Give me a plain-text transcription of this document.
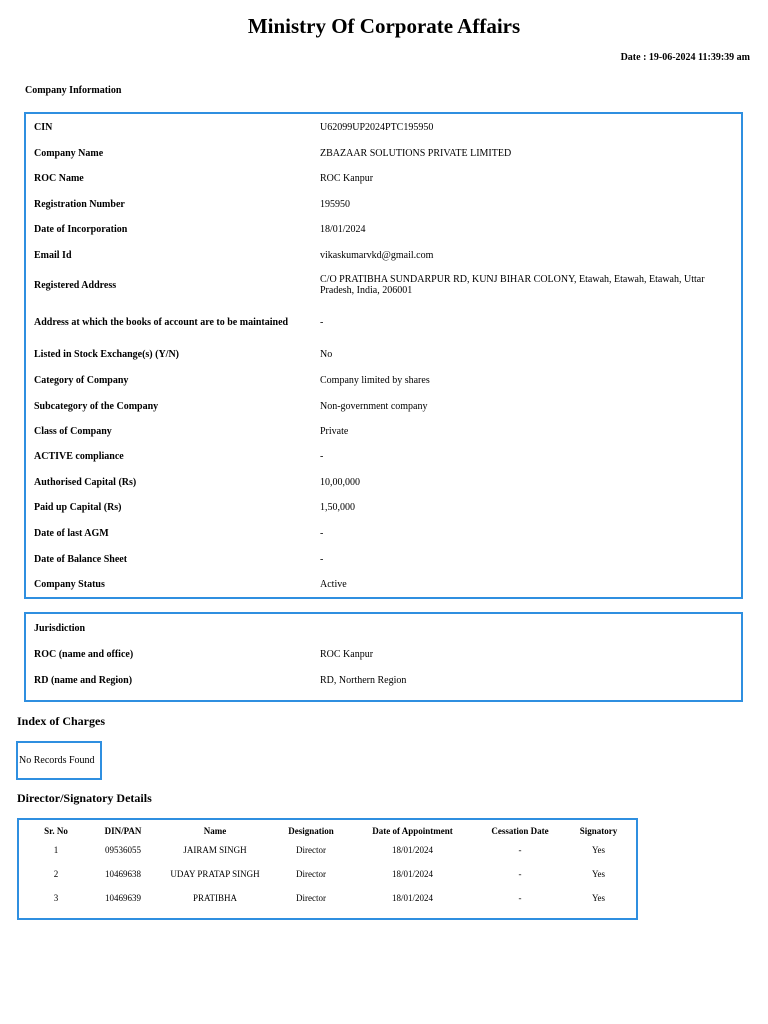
Ministry Of Corporate Affairs
Date : 19-06-2024 11:39:39 am
Company Information
CIN	U62099UP2024PTC195950
Company Name	ZBAZAAR SOLUTIONS PRIVATE LIMITED
ROC Name	ROC Kanpur
Registration Number	195950
Date of Incorporation	18/01/2024
Email Id	vikaskumarvkd@gmail.com
Registered Address	C/O PRATIBHA SUNDARPUR RD, KUNJ BIHAR COLONY, Etawah, Etawah, Etawah, Uttar Pradesh, India, 206001
Address at which the books of account are to be maintained	-
Listed in Stock Exchange(s) (Y/N)	No
Category of Company	Company limited by shares
Subcategory of the Company	Non-government company
Class of Company	Private
ACTIVE compliance	-
Authorised Capital (Rs)	10,00,000
Paid up Capital (Rs)	1,50,000
Date of last AGM	-
Date of Balance Sheet	-
Company Status	Active
Jurisdiction
ROC (name and office)	ROC Kanpur
RD (name and Region)	RD, Northern Region
Index of Charges
No Records Found
Director/Signatory Details
Sr. No	DIN/PAN	Name	Designation	Date of Appointment	Cessation Date	Signatory
1	09536055	JAIRAM SINGH	Director	18/01/2024	-	Yes
2	10469638	UDAY PRATAP SINGH	Director	18/01/2024	-	Yes
3	10469639	PRATIBHA	Director	18/01/2024	-	Yes
